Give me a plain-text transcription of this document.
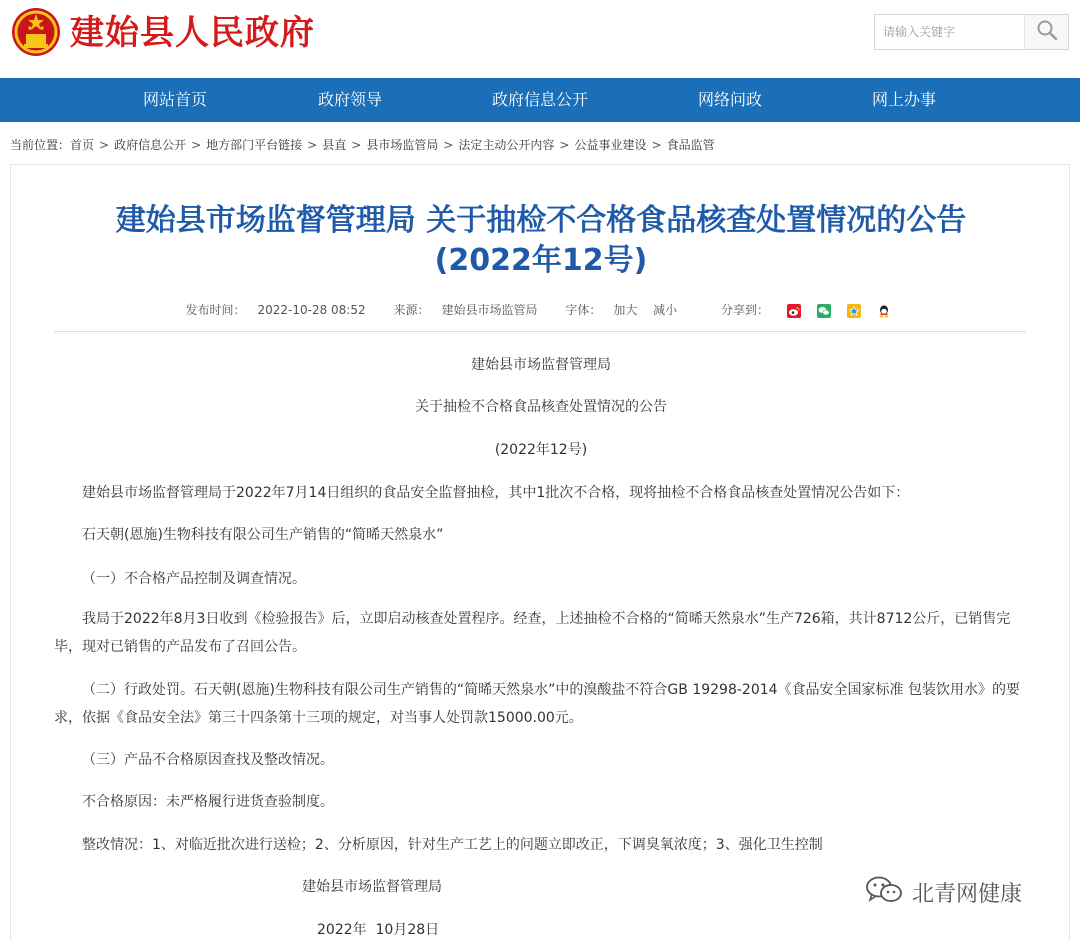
建始县人民政府
请输入关键字
网站首页	政府领导	政府信息公开	网络问政	网上办事
当前位置：首页 > 政府信息公开 > 地方部门平台链接 > 县直 > 县市场监管局 > 法定主动公开内容 > 公益事业建设 > 食品监管
建始县市场监督管理局 关于抽检不合格食品核查处置情况的公告
(2022年12号)
发布时间： 2022-10-28 08:52 来源： 建始县市场监管局 字体： 加大 减小	分享到：
建始县市场监督管理局
关于抽检不合格食品核查处置情况的公告
(2022年12号)
建始县市场监督管理局于2022年7月14日组织的食品安全监督抽检，其中1批次不合格，现将抽检不合格食品核查处置情况公告如下：
石天朝(恩施)生物科技有限公司生产销售的“简晞天然泉水”
（一）不合格产品控制及调查情况。
我局于2022年8月3日收到《检验报告》后，立即启动核查处置程序。经查，上述抽检不合格的“简晞天然泉水”生产726箱，共计8712公斤，已销售完毕，现对已销售的产品发布了召回公告。
（二）行政处罚。石天朝(恩施)生物科技有限公司生产销售的“简晞天然泉水”中的溴酸盐不符合GB 19298-2014《食品安全国家标准 包装饮用水》的要求，依据《食品安全法》第三十四条第十三项的规定，对当事人处罚款15000.00元。
（三）产品不合格原因查找及整改情况。
不合格原因：未严格履行进货查验制度。
整改情况：1、对临近批次进行送检；2、分析原因，针对生产工艺上的问题立即改正，下调臭氧浓度；3、强化卫生控制
建始县市场监督管理局
2022年  10月28日
北青网健康
